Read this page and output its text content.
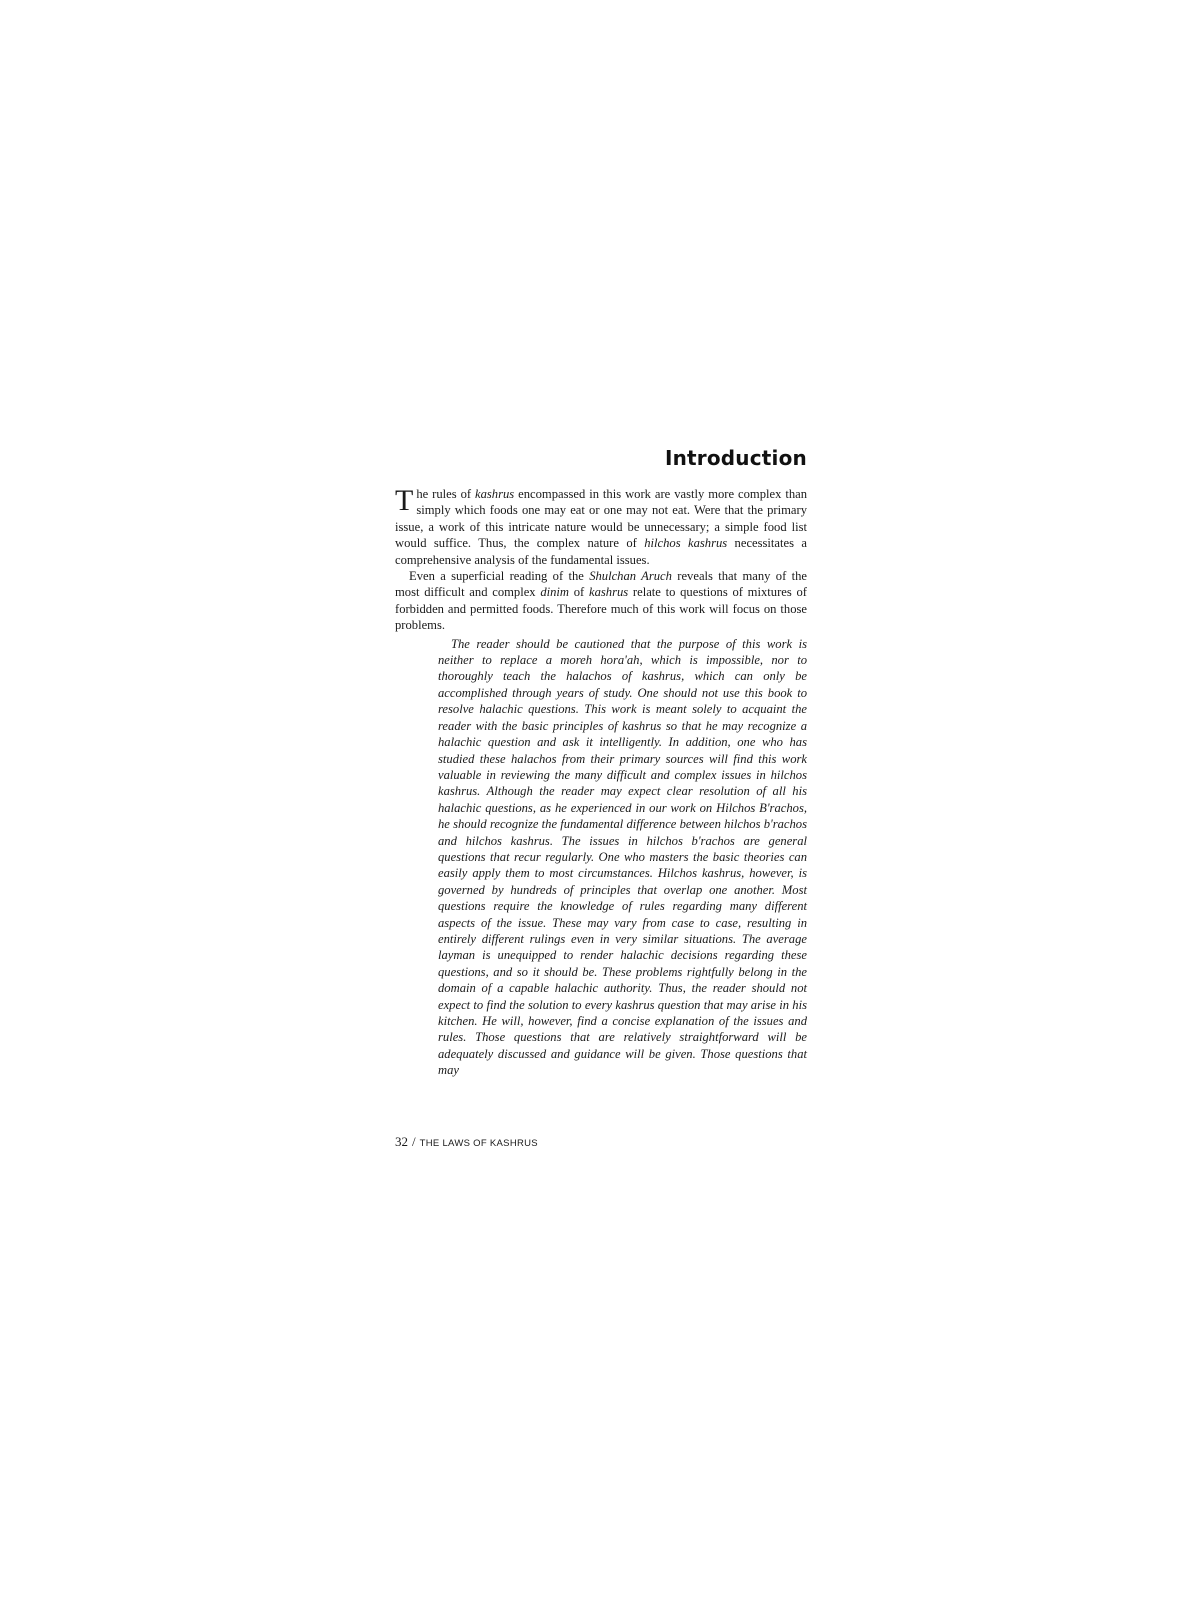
Introduction

The rules of kashrus encompassed in this work are vastly more complex than simply which foods one may eat or one may not eat. Were that the primary issue, a work of this intricate nature would be unnecessary; a simple food list would suffice. Thus, the complex nature of hilchos kashrus necessitates a comprehensive analysis of the fundamental issues.

Even a superficial reading of the Shulchan Aruch reveals that many of the most difficult and complex dinim of kashrus relate to questions of mixtures of forbidden and permitted foods. Therefore much of this work will focus on those problems.

The reader should be cautioned that the purpose of this work is neither to replace a moreh hora'ah, which is impossible, nor to thoroughly teach the halachos of kashrus, which can only be accomplished through years of study. One should not use this book to resolve halachic questions. This work is meant solely to acquaint the reader with the basic principles of kashrus so that he may recognize a halachic question and ask it intelligently. In addition, one who has studied these halachos from their primary sources will find this work valuable in reviewing the many difficult and complex issues in hilchos kashrus. Although the reader may expect clear resolution of all his halachic questions, as he experienced in our work on Hilchos B'rachos, he should recognize the fundamental difference between hilchos b'rachos and hilchos kashrus. The issues in hilchos b'rachos are general questions that recur regularly. One who masters the basic theories can easily apply them to most circumstances. Hilchos kashrus, however, is governed by hundreds of principles that overlap one another. Most questions require the knowledge of rules regarding many different aspects of the issue. These may vary from case to case, resulting in entirely different rulings even in very similar situations. The average layman is unequipped to render halachic decisions regarding these questions, and so it should be. These problems rightfully belong in the domain of a capable halachic authority. Thus, the reader should not expect to find the solution to every kashrus question that may arise in his kitchen. He will, however, find a concise explanation of the issues and rules. Those questions that are relatively straightforward will be adequately discussed and guidance will be given. Those questions that may

32 / THE LAWS OF KASHRUS
